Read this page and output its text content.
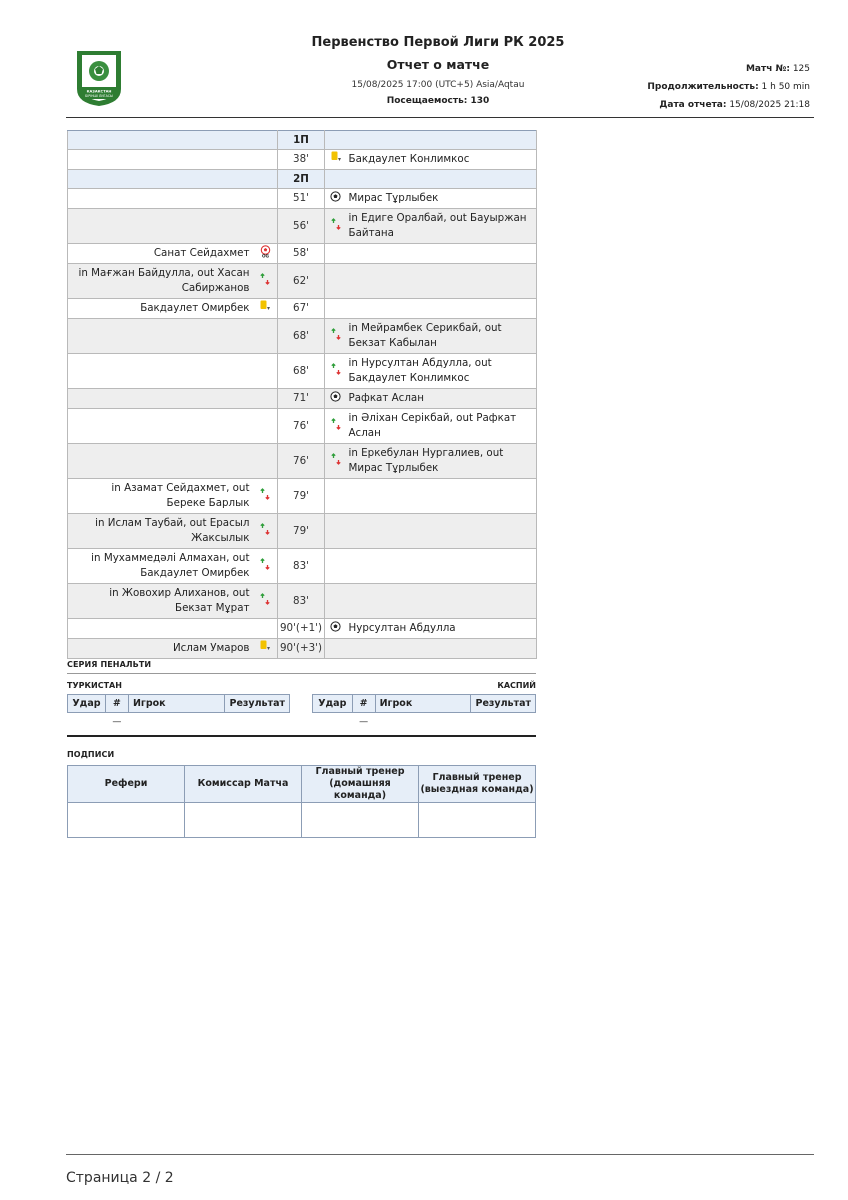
КАЗАКСТАН
БІРІНШІ ЛИГАСЫ
Первенство Первой Лиги РК 2025
Отчет о матче
15/08/2025 17:00 (UTC+5) Asia/Aqtau
Посещаемость: 130
Матч №: 125
Продолжительность: 1 h 50 min
Дата отчета: 15/08/2025 21:18
		1П		
		38'		Бакдаулет Конлимкос
		2П		
		51'		Мирас Тұрлыбек
		56'		in Едиге Оралбай, out Бауыржан Байтана
Санат Сейдахмет	OG	58'		
in Мағжан Байдулла, out Хасан Сабиржанов		62'		
Бакдаулет Омирбек		67'		
		68'		in Мейрамбек Серикбай, out Бекзат Кабылан
		68'		in Нурсултан Абдулла, out Бакдаулет Конлимкос
		71'		Рафкат Аслан
		76'		in Әліхан Серікбай, out Рафкат Аслан
		76'		in Еркебулан Нургалиев, out Мирас Тұрлыбек
in Азамат Сейдахмет, out Береке Барлык		79'		
in Ислам Таубай, out Ерасыл Жаксылык		79'		
in Мухаммедәлі Алмахан, out Бакдаулет Омирбек		83'		
in Жовохир Алиханов, out Бекзат Мұрат		83'		
		90'(+1')		Нурсултан Абдулла
Ислам Умаров		90'(+3')		
СЕРИЯ ПЕНАЛЬТИ
ТУРКИСТАН	КАСПИЙ
Удар	#	Игрок	Результат
	—		
Удар	#	Игрок	Результат
	—		
ПОДПИСИ
Рефери	Комиссар Матча	Главный тренер (домашняя команда)	Главный тренер (выездная команда)

Страница 2 / 2
